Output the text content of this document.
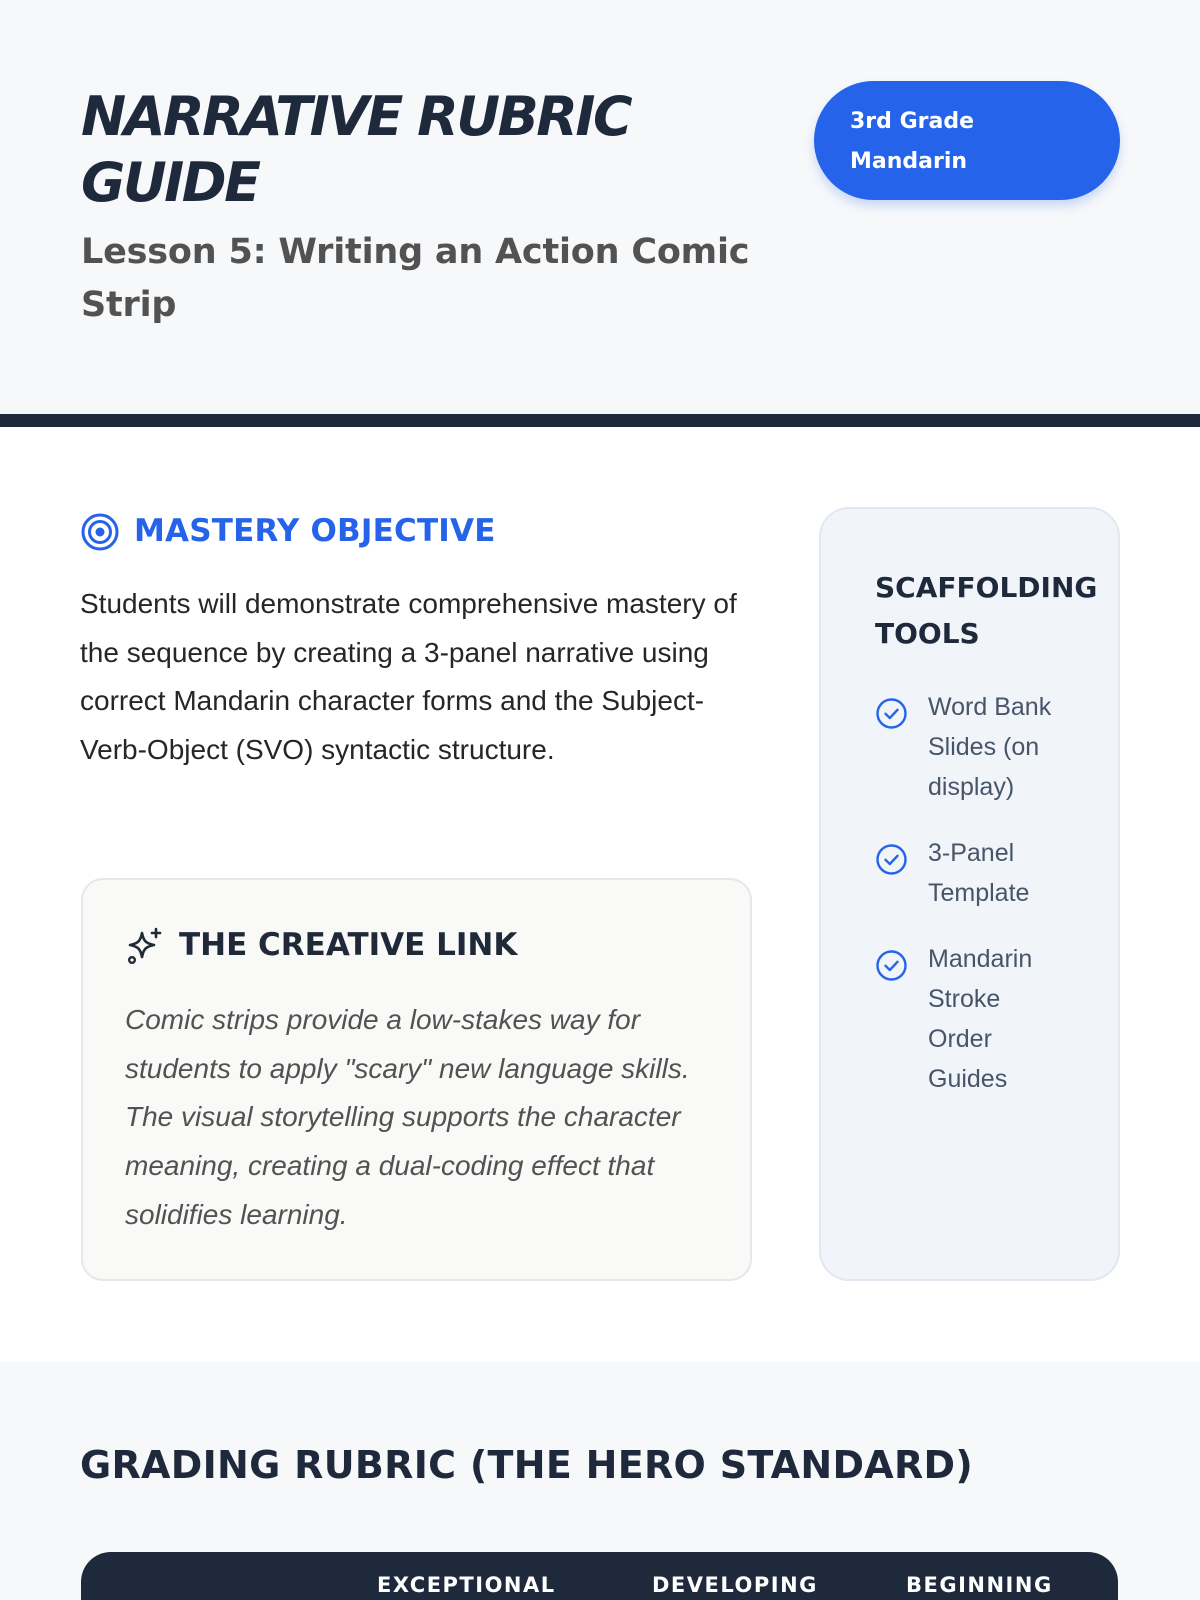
NARRATIVE RUBRIC GUIDE
Lesson 5: Writing an Action Comic Strip
3rd Grade
Mandarin
MASTERY OBJECTIVE

Students will demonstrate comprehensive mastery of the sequence by creating a 3-panel narrative using correct Mandarin character forms and the Subject-Verb-Object (SVO) syntactic structure.

THE CREATIVE LINK

Comic strips provide a low-stakes way for students to apply "scary" new language skills. The visual storytelling supports the character meaning, creating a dual-coding effect that solidifies learning.

SCAFFOLDING TOOLS
Word Bank Slides (on display)
3-Panel Template
Mandarin Stroke Order Guides
GRADING RUBRIC (THE HERO STANDARD)
EXCEPTIONAL	DEVELOPING	BEGINNING
